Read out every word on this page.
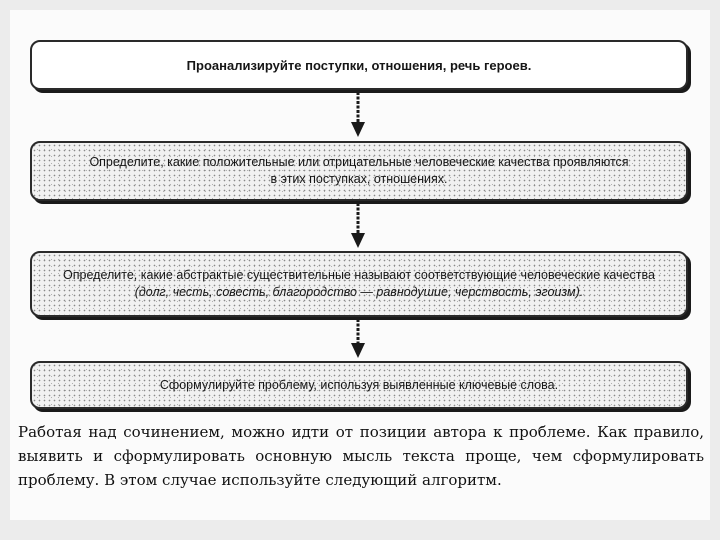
Проанализируйте поступки, отношения, речь героев.
Определите, какие положительные или отрицательные человеческие качества проявляются
в этих поступках, отношениях.
Определите, какие абстрактые существительные называют соответствующие человеческие качества
(долг, честь, совесть, благородство — равнодушие, черствость, эгоизм).
Сформулируйте проблему, используя выявленные ключевые слова.

Работая над сочинением, можно идти от позиции автора к проблеме. Как правило, выявить и сформулировать основную мысль текста проще, чем сформулировать проблему. В этом случае используйте следующий алгоритм.
